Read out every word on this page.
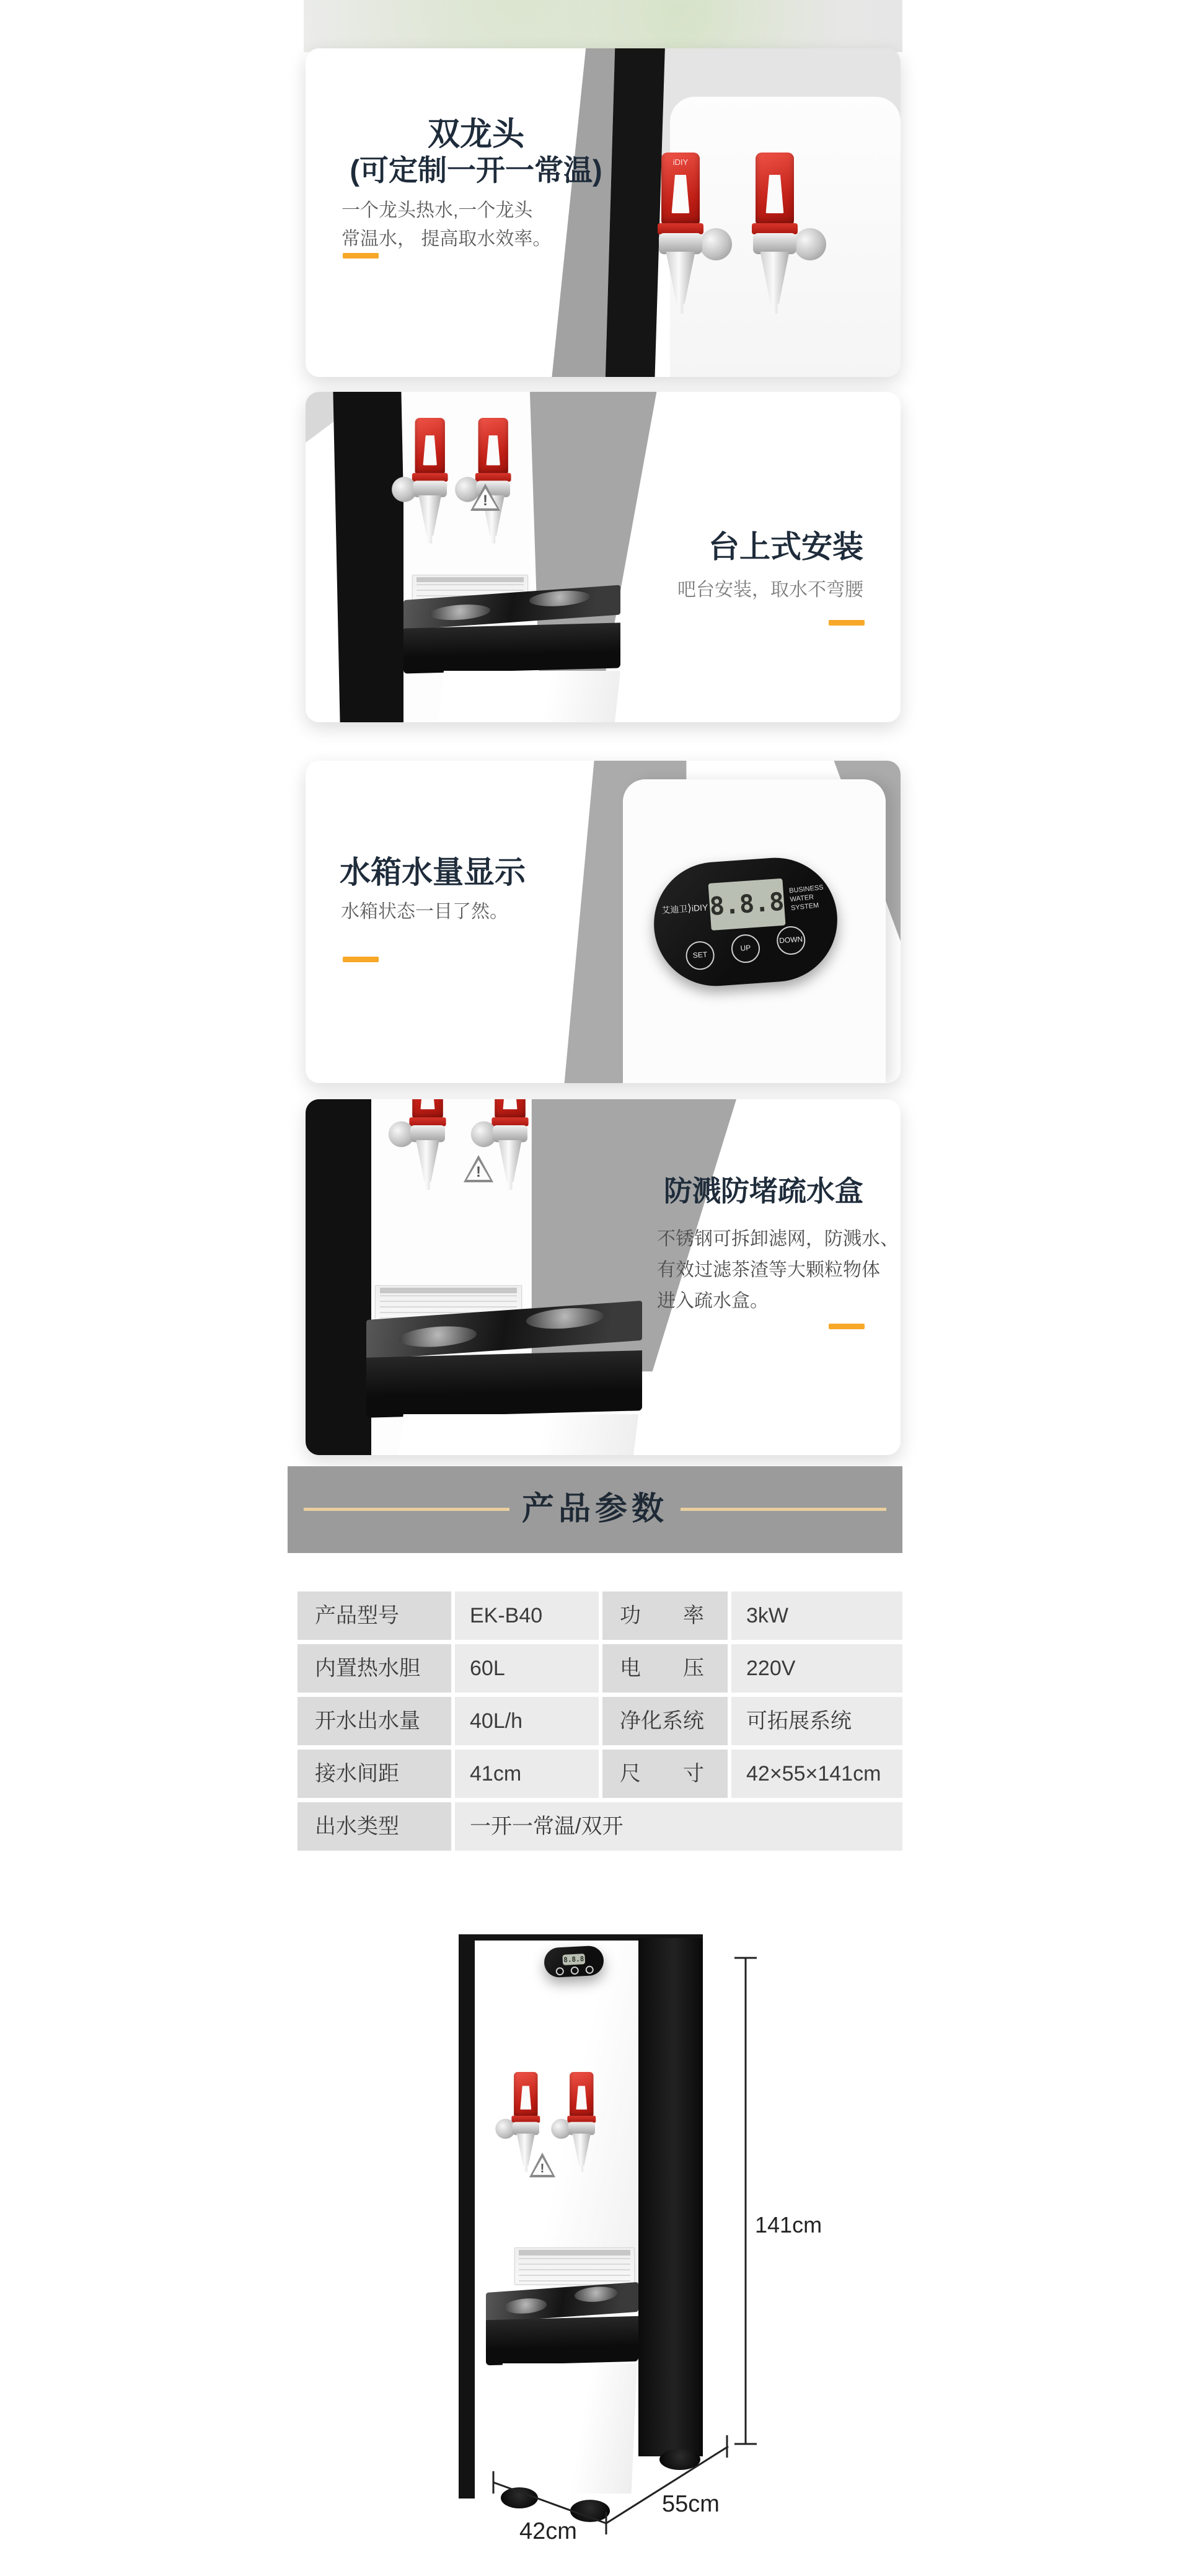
iDIY
双龙头
(可定制一开一常温)
一个龙头热水,一个龙头
常温水， 提高取水效率。
!
台上式安装
吧台安装，取水不弯腰
8.8.8
艾迪卫⟩iDIY
BUSINESS
WATER SYSTEM
SET
UP
DOWN
水箱水量显示
水箱状态一目了然。
!
防溅防堵疏水盒
不锈钢可拆卸滤网，防溅水、
有效过滤茶渣等大颗粒物体
进入疏水盒。
产品参数
产品型号	EK-B40	功　　率	3kW
内置热水胆	60L	电　　压	220V
开水出水量	40L/h	净化系统	可拓展系统
接水间距	41cm	尺　　寸	42×55×141cm
出水类型	一开一常温/双开
8.8.8
!
141cm
55cm
42cm
